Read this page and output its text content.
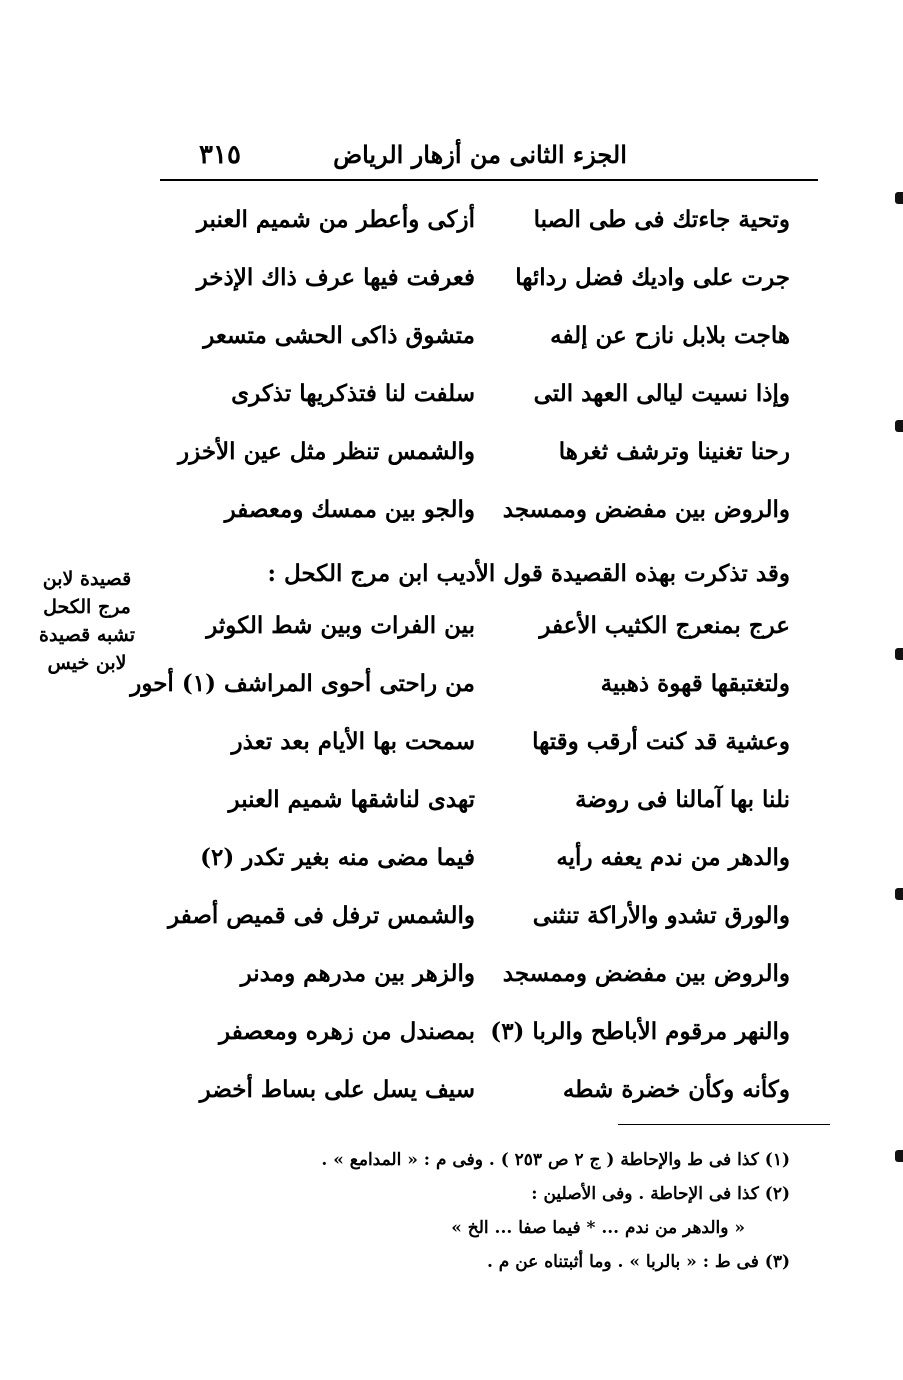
الجزء الثانى من أزهار الرياض
٣١٥
وتحية جاءتك فى طى الصبا
أزكى وأعطر من شميم العنبر
جرت على واديك فضل ردائها
فعرفت فيها عرف ذاك الإذخر
هاجت بلابل نازح عن إلفه
متشوق ذاكى الحشى متسعر
وإذا نسيت ليالى العهد التى
سلفت لنا فتذكريها تذكرى
رحنا تغنينا وترشف ثغرها
والشمس تنظر مثل عين الأخزر
والروض بين مفضض وممسجد
والجو بين ممسك ومعصفر
وقد تذكرت بهذه القصيدة قول الأديب ابن مرج الكحل :
قصيدة لابن
مرج الكحل
تشبه قصيدة
لابن خيس
عرج بمنعرج الكثيب الأعفر
بين الفرات وبين شط الكوثر
ولتغتبقها قهوة ذهبية
من راحتى أحوى المراشف (١) أحور
وعشية قد كنت أرقب وقتها
سمحت بها الأيام بعد تعذر
نلنا بها آمالنا فى روضة
تهدى لناشقها شميم العنبر
والدهر من ندم يعفه رأيه
فيما مضى منه بغير تكدر (٢)
والورق تشدو والأراكة تنثنى
والشمس ترفل فى قميص أصفر
والروض بين مفضض وممسجد
والزهر بين مدرهم ومدنر
والنهر مرقوم الأباطح والربا (٣)
بمصندل من زهره ومعصفر
وكأنه وكأن خضرة شطه
سيف يسل على بساط أخضر
(١) كذا فى ط والإحاطة ( ج ٢ ص ٢٥٣ ) . وفى م : « المدامع » .
(٢) كذا فى الإحاطة . وفى الأصلين :
« والدهر من ندم ... * فيما صفا ... الخ »
(٣) فى ط : « بالربا » . وما أثبتناه عن م .
